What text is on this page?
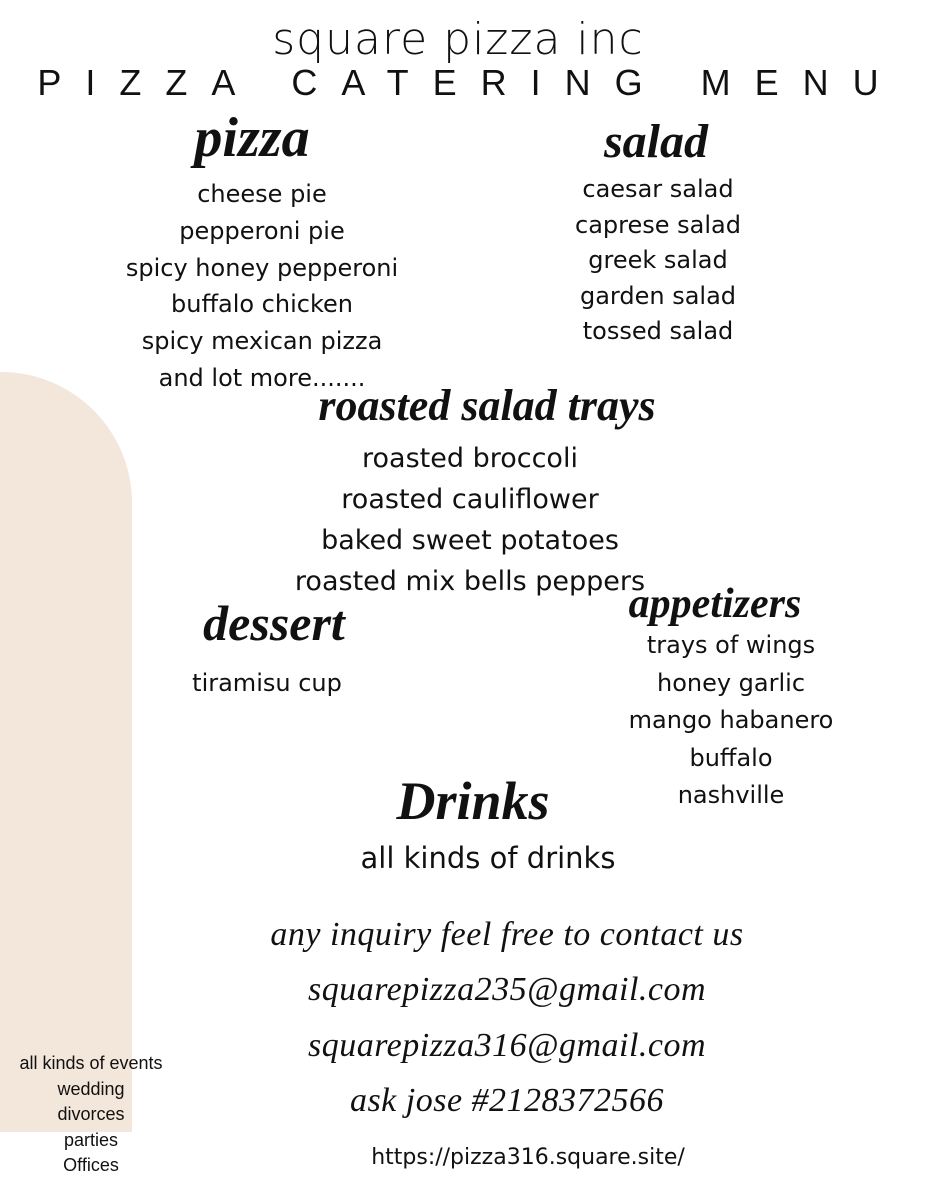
square pizza inc
PIZZA CATERING MENU
pizza
cheese pie
pepperoni pie
spicy honey pepperoni
buffalo chicken
spicy mexican pizza
and lot more.......
salad
caesar salad
caprese salad
greek salad
garden salad
tossed salad
roasted salad trays
roasted broccoli
roasted cauliflower
baked sweet potatoes
roasted mix bells peppers
dessert
tiramisu cup
appetizers
trays of wings
honey garlic
mango habanero
buffalo
nashville
Drinks
all kinds of drinks
any inquiry feel free to contact us
squarepizza235@gmail.com
squarepizza316@gmail.com
ask jose #2128372566
https://pizza316.square.site/
all kinds of events
wedding
divorces
parties
Offices
